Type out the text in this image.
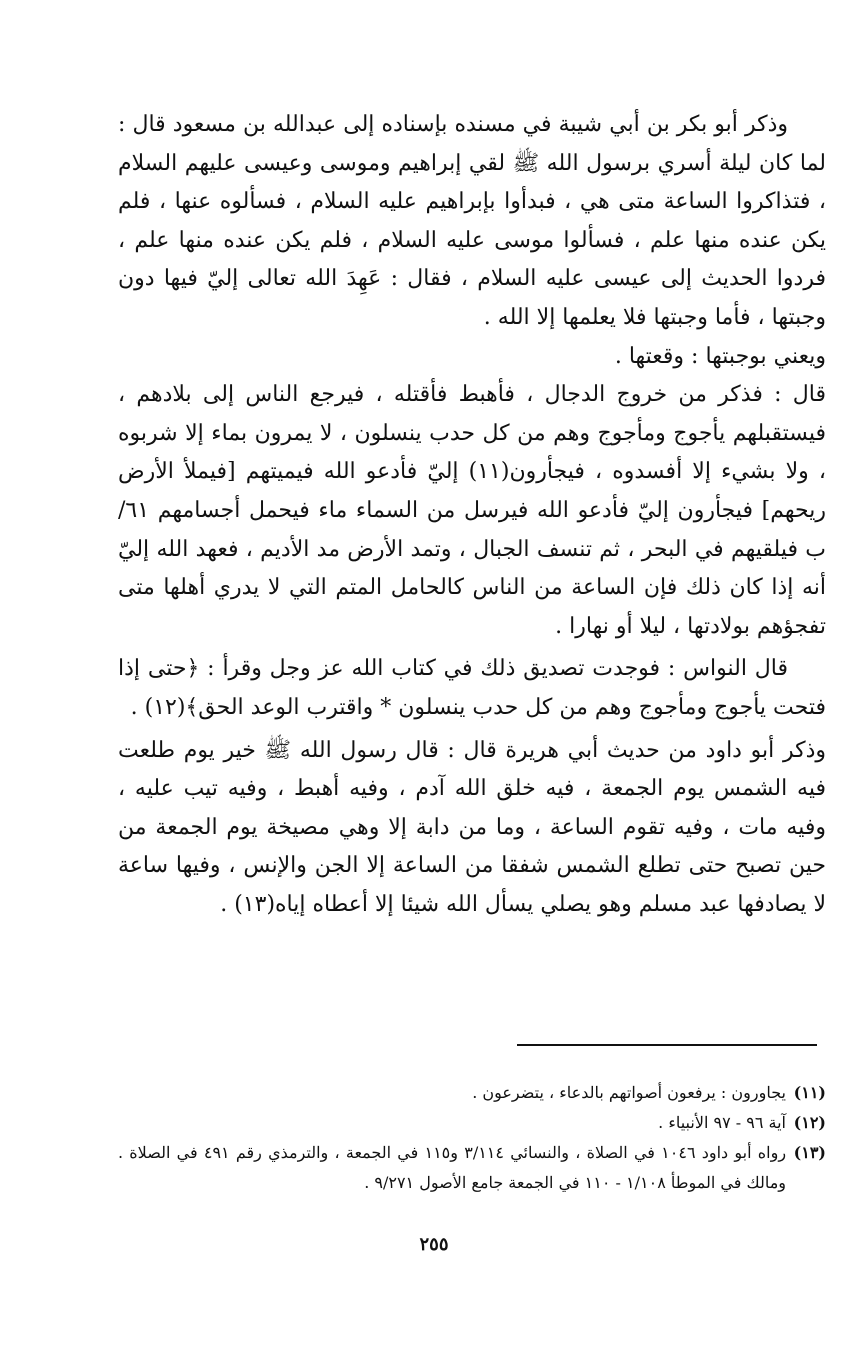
وذكر أبو بكر بن أبي شيبة في مسنده بإسناده إلى عبدالله بن مسعود قال : لما كان ليلة أسري برسول الله ﷺ لقي إبراهيم وموسى وعيسى عليهم السلام ، فتذاكروا الساعة متى هي ، فبدأوا بإبراهيم عليه السلام ، فسألوه عنها ، فلم يكن عنده منها علم ، فسألوا موسى عليه السلام ، فلم يكن عنده منها علم ، فردوا الحديث إلى عيسى عليه السلام ، فقال : عَهِدَ الله تعالى إليّ فيها دون وجبتها ، فأما وجبتها فلا يعلمها إلا الله .

ويعني بوجبتها : وقعتها .

قال : فذكر من خروج الدجال ، فأهبط فأقتله ، فيرجع الناس إلى بلادهم ، فيستقبلهم يأجوج ومأجوج وهم من كل حدب ينسلون ، لا يمرون بماء إلا شربوه ، ولا بشيء إلا أفسدوه ، فيجأرون(١١) إليّ فأدعو الله فيميتهم [فيملأ الأرض ريحهم] فيجأرون إليّ فأدعو الله فيرسل من السماء ماء فيحمل أجسامهم ٦١/ب فيلقيهم في البحر ، ثم تنسف الجبال ، وتمد الأرض مد الأديم ، فعهد الله إليّ أنه إذا كان ذلك فإن الساعة من الناس كالحامل المتم التي لا يدري أهلها متى تفجؤهم بولادتها ، ليلا أو نهارا .

قال النواس : فوجدت تصديق ذلك في كتاب الله عز وجل وقرأ : ﴿حتى إذا فتحت يأجوج ومأجوج وهم من كل حدب ينسلون * واقترب الوعد الحق﴾(١٢) .

وذكر أبو داود من حديث أبي هريرة قال : قال رسول الله ﷺ خير يوم طلعت فيه الشمس يوم الجمعة ، فيه خلق الله آدم ، وفيه أهبط ، وفيه تيب عليه ، وفيه مات ، وفيه تقوم الساعة ، وما من دابة إلا وهي مصيخة يوم الجمعة من حين تصبح حتى تطلع الشمس شفقا من الساعة إلا الجن والإنس ، وفيها ساعة لا يصادفها عبد مسلم وهو يصلي يسأل الله شيئا إلا أعطاه إياه(١٣) .

(١١)
يجاورون : يرفعون أصواتهم بالدعاء ، يتضرعون .
(١٢)
آية ٩٦ - ٩٧ الأنبياء .
(١٣)
رواه أبو داود ١٠٤٦ في الصلاة ، والنسائي ٣/١١٤ و١١٥ في الجمعة ، والترمذي رقم ٤٩١ في الصلاة . ومالك في الموطأ ١/١٠٨ - ١١٠ في الجمعة جامع الأصول ٩/٢٧١ .
٢٥٥
